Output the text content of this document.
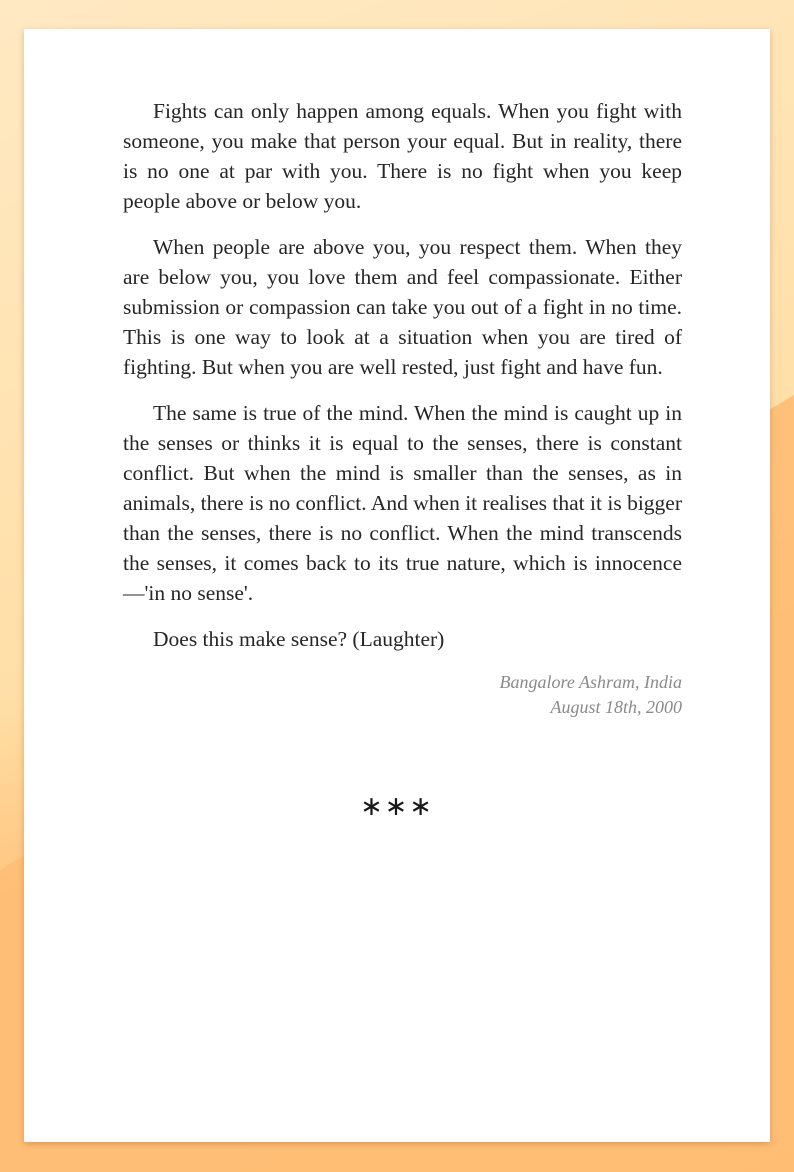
Fights can only happen among equals. When you fight with someone, you make that person your equal. But in reality, there is no one at par with you. There is no fight when you keep people above or below you.

When people are above you, you respect them. When they are below you, you love them and feel compassionate. Either submission or compassion can take you out of a fight in no time. This is one way to look at a situation when you are tired of fighting. But when you are well rested, just fight and have fun.

The same is true of the mind. When the mind is caught up in the senses or thinks it is equal to the senses, there is constant conflict. But when the mind is smaller than the senses, as in animals, there is no conflict. And when it realises that it is bigger than the senses, there is no conflict. When the mind transcends the senses, it comes back to its true nature, which is innocence—'in no sense'.

Does this make sense? (Laughter)

Bangalore Ashram, India
August 18th, 2000
∗∗∗
